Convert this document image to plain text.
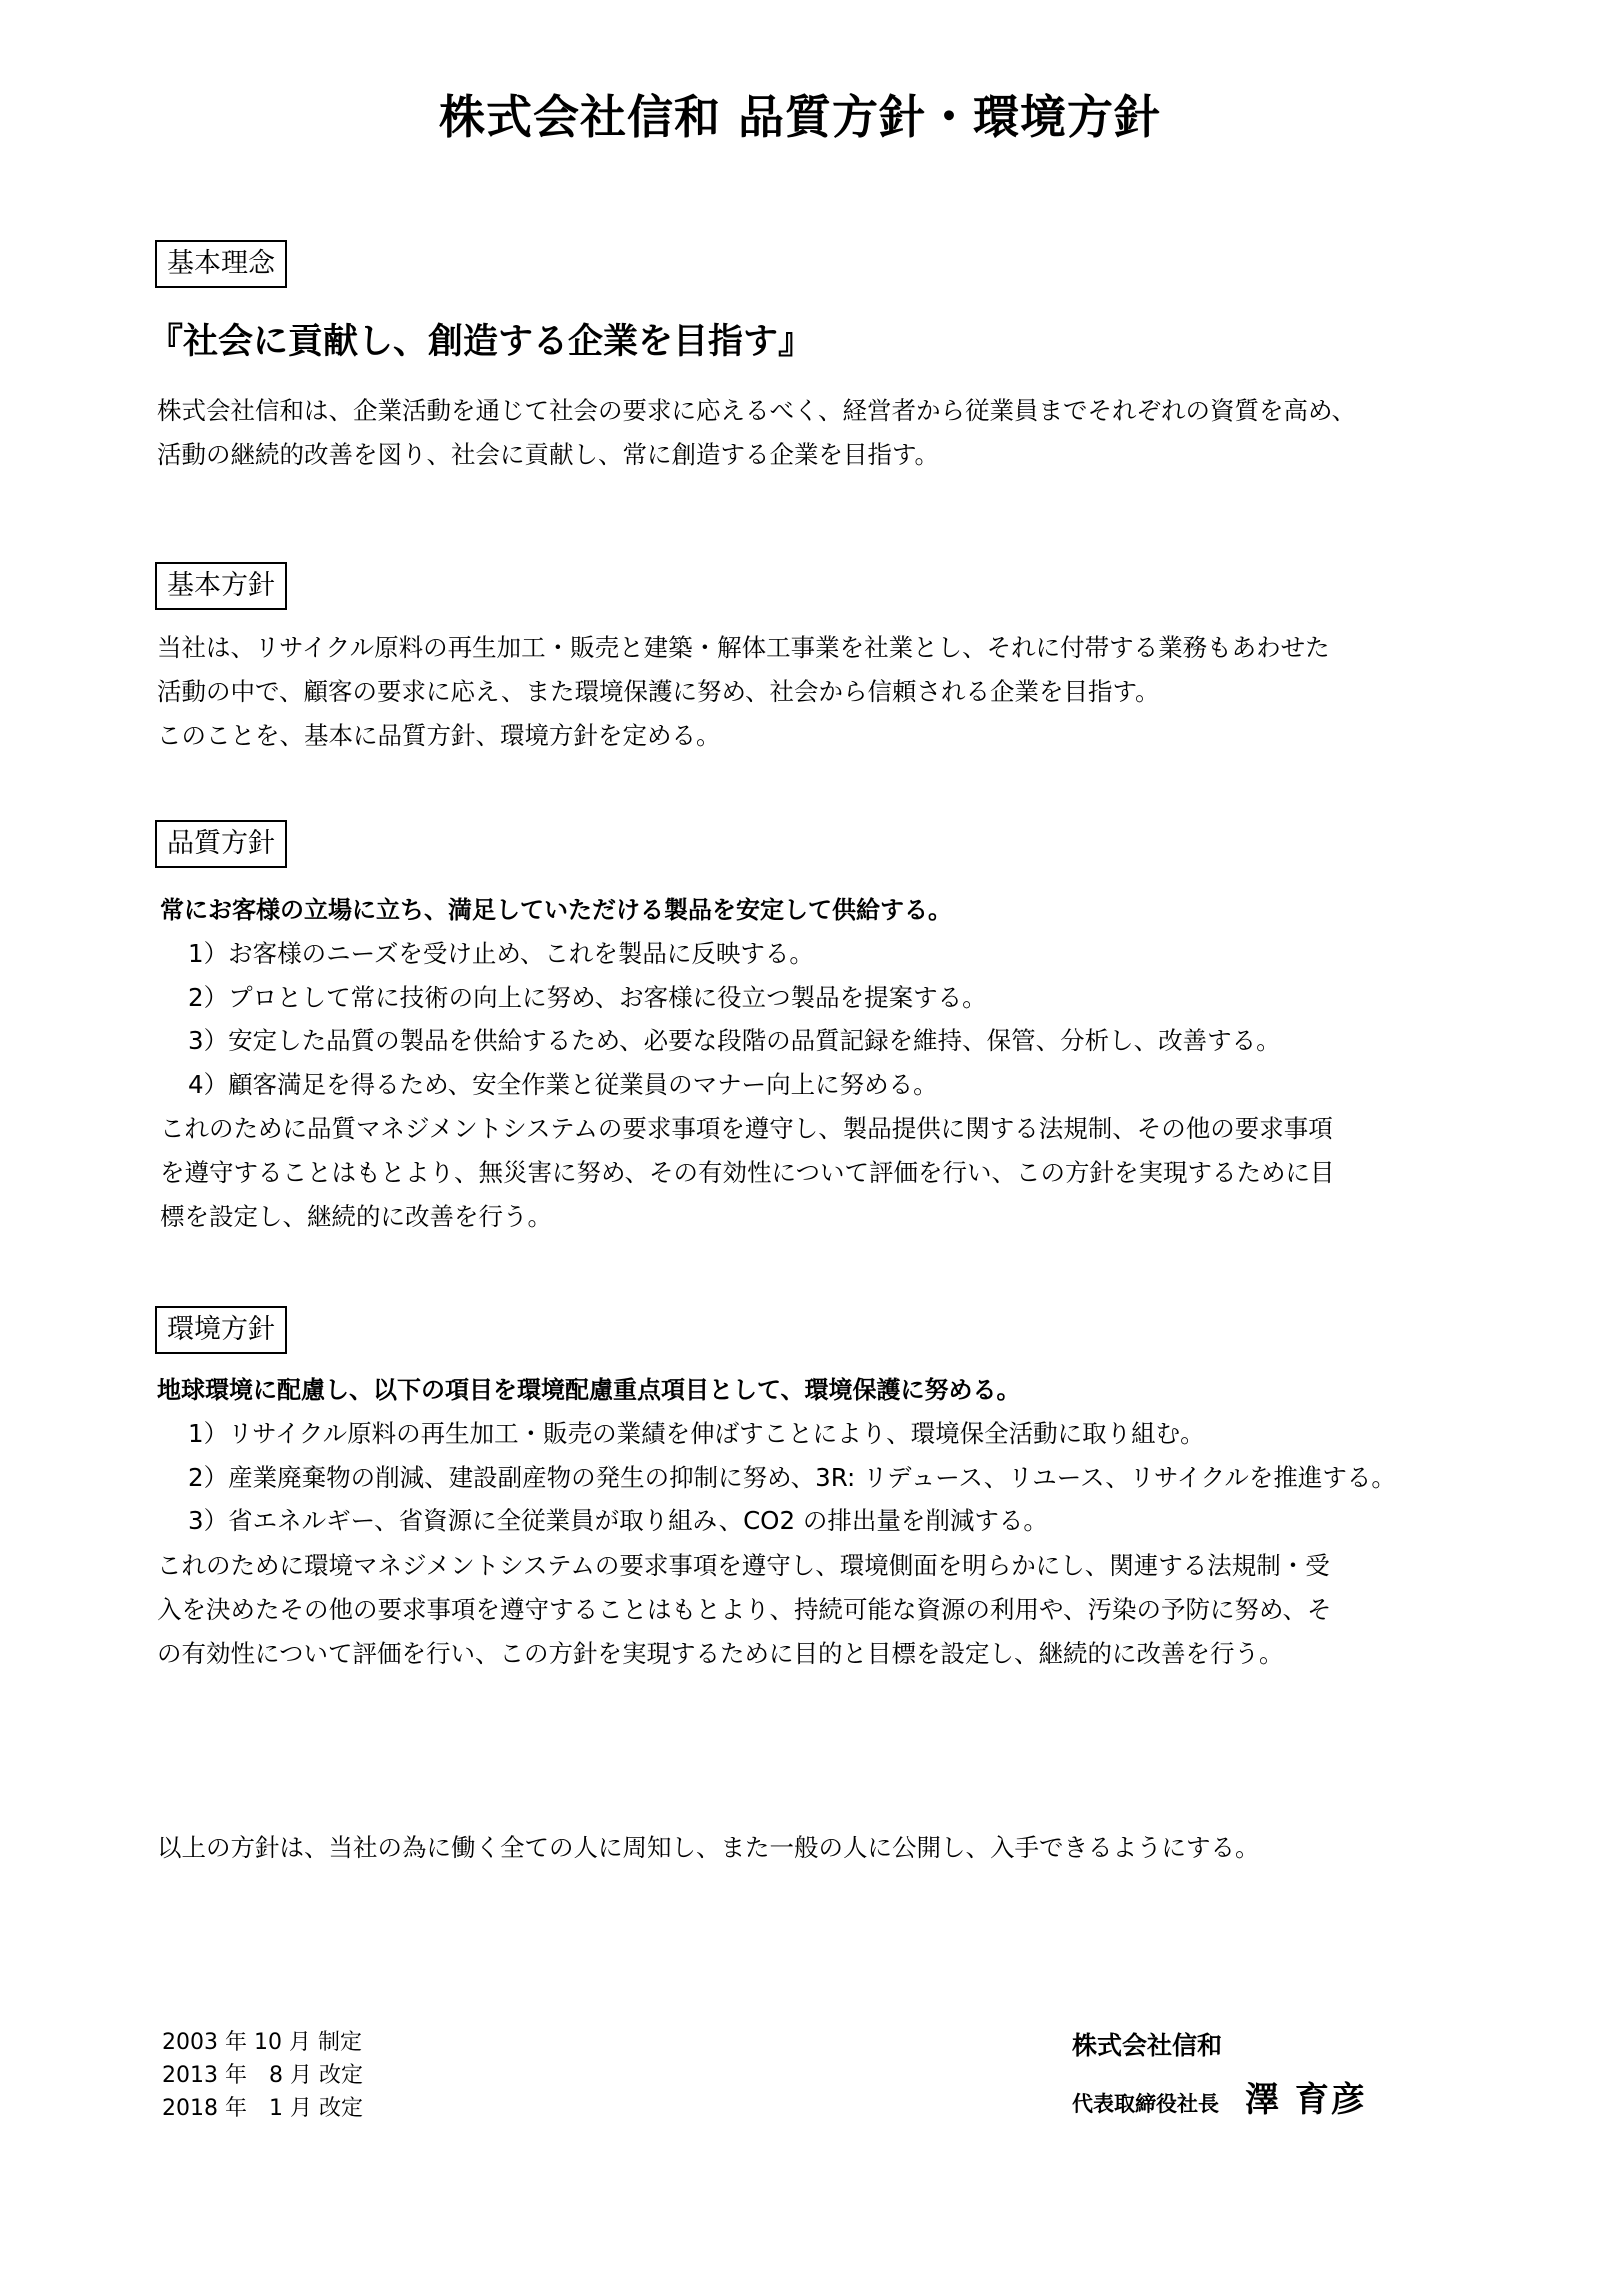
株式会社信和 品質方針・環境方針
基本理念
『社会に貢献し、創造する企業を目指す』
株式会社信和は、企業活動を通じて社会の要求に応えるべく、経営者から従業員までそれぞれの資質を高め、
活動の継続的改善を図り、社会に貢献し、常に創造する企業を目指す。
基本方針
当社は、リサイクル原料の再生加工・販売と建築・解体工事業を社業とし、それに付帯する業務もあわせた
活動の中で、顧客の要求に応え、また環境保護に努め、社会から信頼される企業を目指す。
このことを、基本に品質方針、環境方針を定める。
品質方針
常にお客様の立場に立ち、満足していただける製品を安定して供給する。
1）お客様のニーズを受け止め、これを製品に反映する。
2）プロとして常に技術の向上に努め、お客様に役立つ製品を提案する。
3）安定した品質の製品を供給するため、必要な段階の品質記録を維持、保管、分析し、改善する。
4）顧客満足を得るため、安全作業と従業員のマナー向上に努める。
これのために品質マネジメントシステムの要求事項を遵守し、製品提供に関する法規制、その他の要求事項
を遵守することはもとより、無災害に努め、その有効性について評価を行い、この方針を実現するために目
標を設定し、継続的に改善を行う。
環境方針
地球環境に配慮し、以下の項目を環境配慮重点項目として、環境保護に努める。
1）リサイクル原料の再生加工・販売の業績を伸ばすことにより、環境保全活動に取り組む。
2）産業廃棄物の削減、建設副産物の発生の抑制に努め、3R: リデュース、リユース、リサイクルを推進する。
3）省エネルギー、省資源に全従業員が取り組み、CO2 の排出量を削減する。
これのために環境マネジメントシステムの要求事項を遵守し、環境側面を明らかにし、関連する法規制・受
入を決めたその他の要求事項を遵守することはもとより、持続可能な資源の利用や、汚染の予防に努め、そ
の有効性について評価を行い、この方針を実現するために目的と目標を設定し、継続的に改善を行う。
以上の方針は、当社の為に働く全ての人に周知し、また一般の人に公開し、入手できるようにする。
2003 年 10 月 制定
2013 年　8 月 改定
2018 年　1 月 改定
株式会社信和
代表取締役社長 澤 育彦
